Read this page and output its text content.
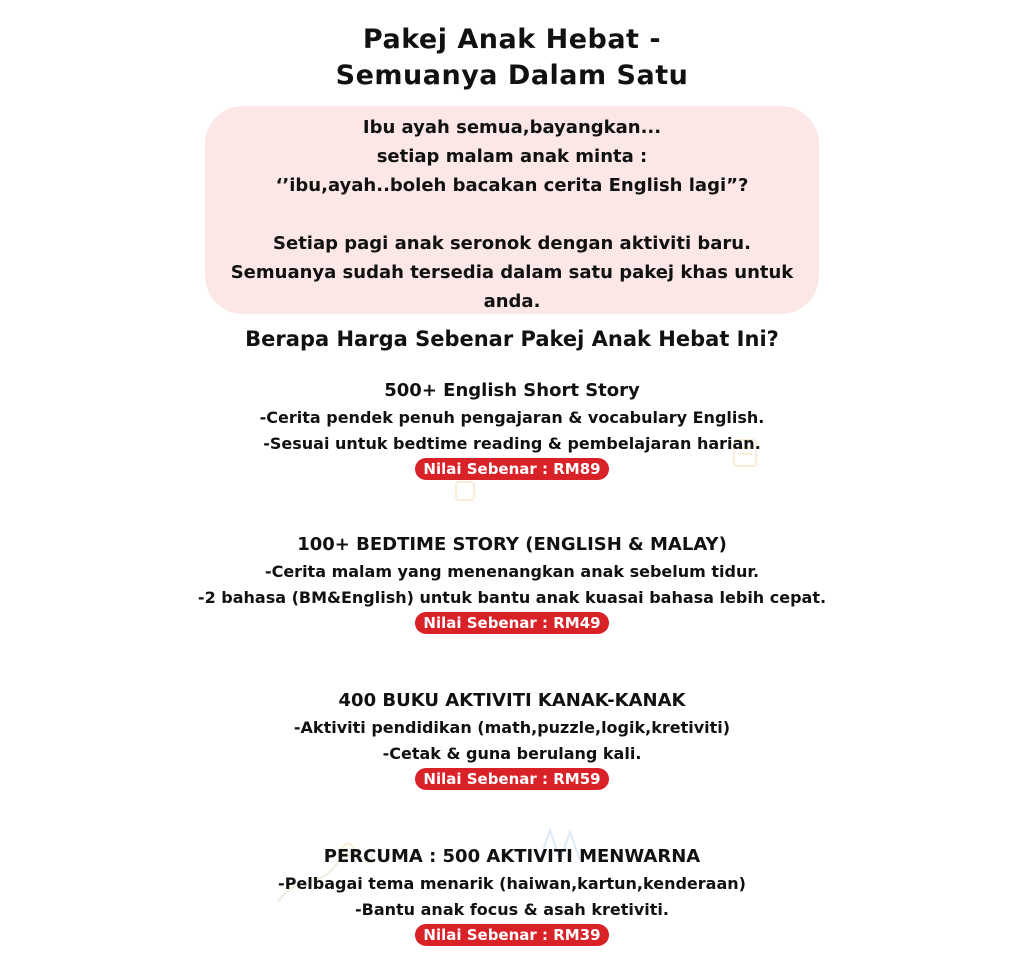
Pakej Anak Hebat -
Semuanya Dalam Satu
Ibu ayah semua,bayangkan...
setiap malam anak minta :
‘’ibu,ayah..boleh bacakan cerita English lagi”?
Setiap pagi anak seronok dengan aktiviti baru.
Semuanya sudah tersedia dalam satu pakej khas untuk
anda.
Berapa Harga Sebenar Pakej Anak Hebat Ini?
500+ English Short Story
-Cerita pendek penuh pengajaran & vocabulary English.
-Sesuai untuk bedtime reading & pembelajaran harian.
Nilai Sebenar : RM89
100+ BEDTIME STORY (ENGLISH & MALAY)
-Cerita malam yang menenangkan anak sebelum tidur.
-2 bahasa (BM&English) untuk bantu anak kuasai bahasa lebih cepat.
Nilai Sebenar : RM49
400 BUKU AKTIVITI KANAK-KANAK
-Aktiviti pendidikan (math,puzzle,logik,kretiviti)
-Cetak & guna berulang kali.
Nilai Sebenar : RM59
PERCUMA : 500 AKTIVITI MENWARNA
-Pelbagai tema menarik (haiwan,kartun,kenderaan)
-Bantu anak focus & asah kretiviti.
Nilai Sebenar : RM39
